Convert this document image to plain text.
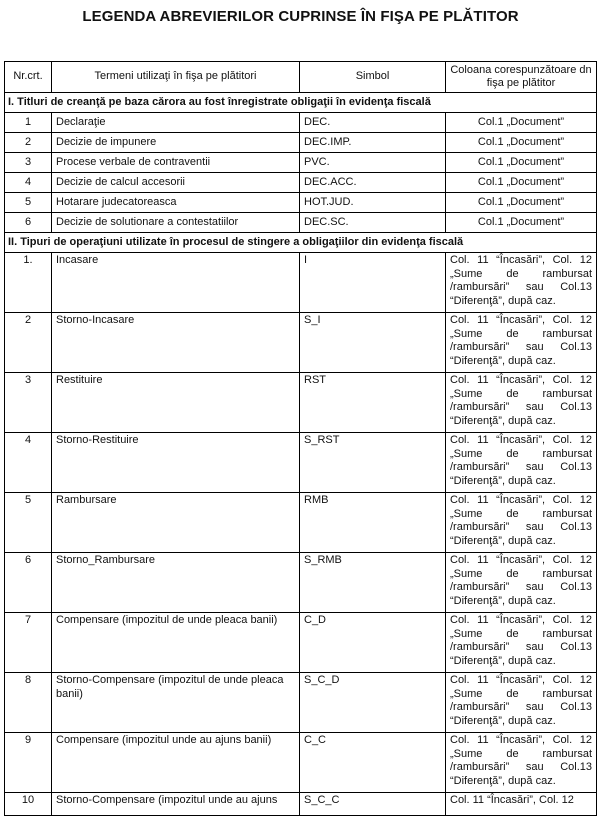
LEGENDA ABREVIERILOR CUPRINSE ÎN FIŞA PE PLĂTITOR
Nr.crt.	Termeni utilizaţi în fişa pe plătitori	Simbol	Coloana corespunzătoare dn fişa pe plătitor
I. Titluri de creanţă pe baza cărora au fost înregistrate obligaţii în evidenţa fiscală			
1	Declaraţie	DEC.	Col.1 „Document”
2	Decizie de impunere	DEC.IMP.	Col.1 „Document”
3	Procese verbale de contraventii	PVC.	Col.1 „Document”
4	Decizie de calcul accesorii	DEC.ACC.	Col.1 „Document”
5	Hotarare judecatoreasca	HOT.JUD.	Col.1 „Document”
6	Decizie de solutionare a contestatiilor	DEC.SC.	Col.1 „Document”
II. Tipuri de operaţiuni utilizate în procesul de stingere a obligaţiilor din evidenţa fiscală			
1.	Incasare	I	Col. 11 “Încasări”, Col. 12 „Sume de rambursat /rambursări” sau Col.13 “Diferenţă”, după caz.
2	Storno-Incasare	S_I	Col. 11 “Încasări”, Col. 12 „Sume de rambursat /rambursări” sau Col.13 “Diferenţă”, după caz.
3	Restituire	RST	Col. 11 “Încasări”, Col. 12 „Sume de rambursat /rambursări” sau Col.13 “Diferenţă”, după caz.
4	Storno-Restituire	S_RST	Col. 11 “Încasări”, Col. 12 „Sume de rambursat /rambursări” sau Col.13 “Diferenţă”, după caz.
5	Rambursare	RMB	Col. 11 “Încasări”, Col. 12 „Sume de rambursat /rambursări” sau Col.13 “Diferenţă”, după caz.
6	Storno_Rambursare	S_RMB	Col. 11 “Încasări”, Col. 12 „Sume de rambursat /rambursări” sau Col.13 “Diferenţă”, după caz.
7	Compensare (impozitul de unde pleaca banii)	C_D	Col. 11 “Încasări”, Col. 12 „Sume de rambursat /rambursări” sau Col.13 “Diferenţă”, după caz.
8	Storno-Compensare (impozitul de unde pleaca banii)	S_C_D	Col. 11 “Încasări”, Col. 12 „Sume de rambursat /rambursări” sau Col.13 “Diferenţă”, după caz.
9	Compensare (impozitul unde au ajuns banii)	C_C	Col. 11 “Încasări”, Col. 12 „Sume de rambursat /rambursări” sau Col.13 “Diferenţă”, după caz.
10	Storno-Compensare (impozitul unde au ajuns	S_C_C	Col. 11 “Încasări”, Col. 12
